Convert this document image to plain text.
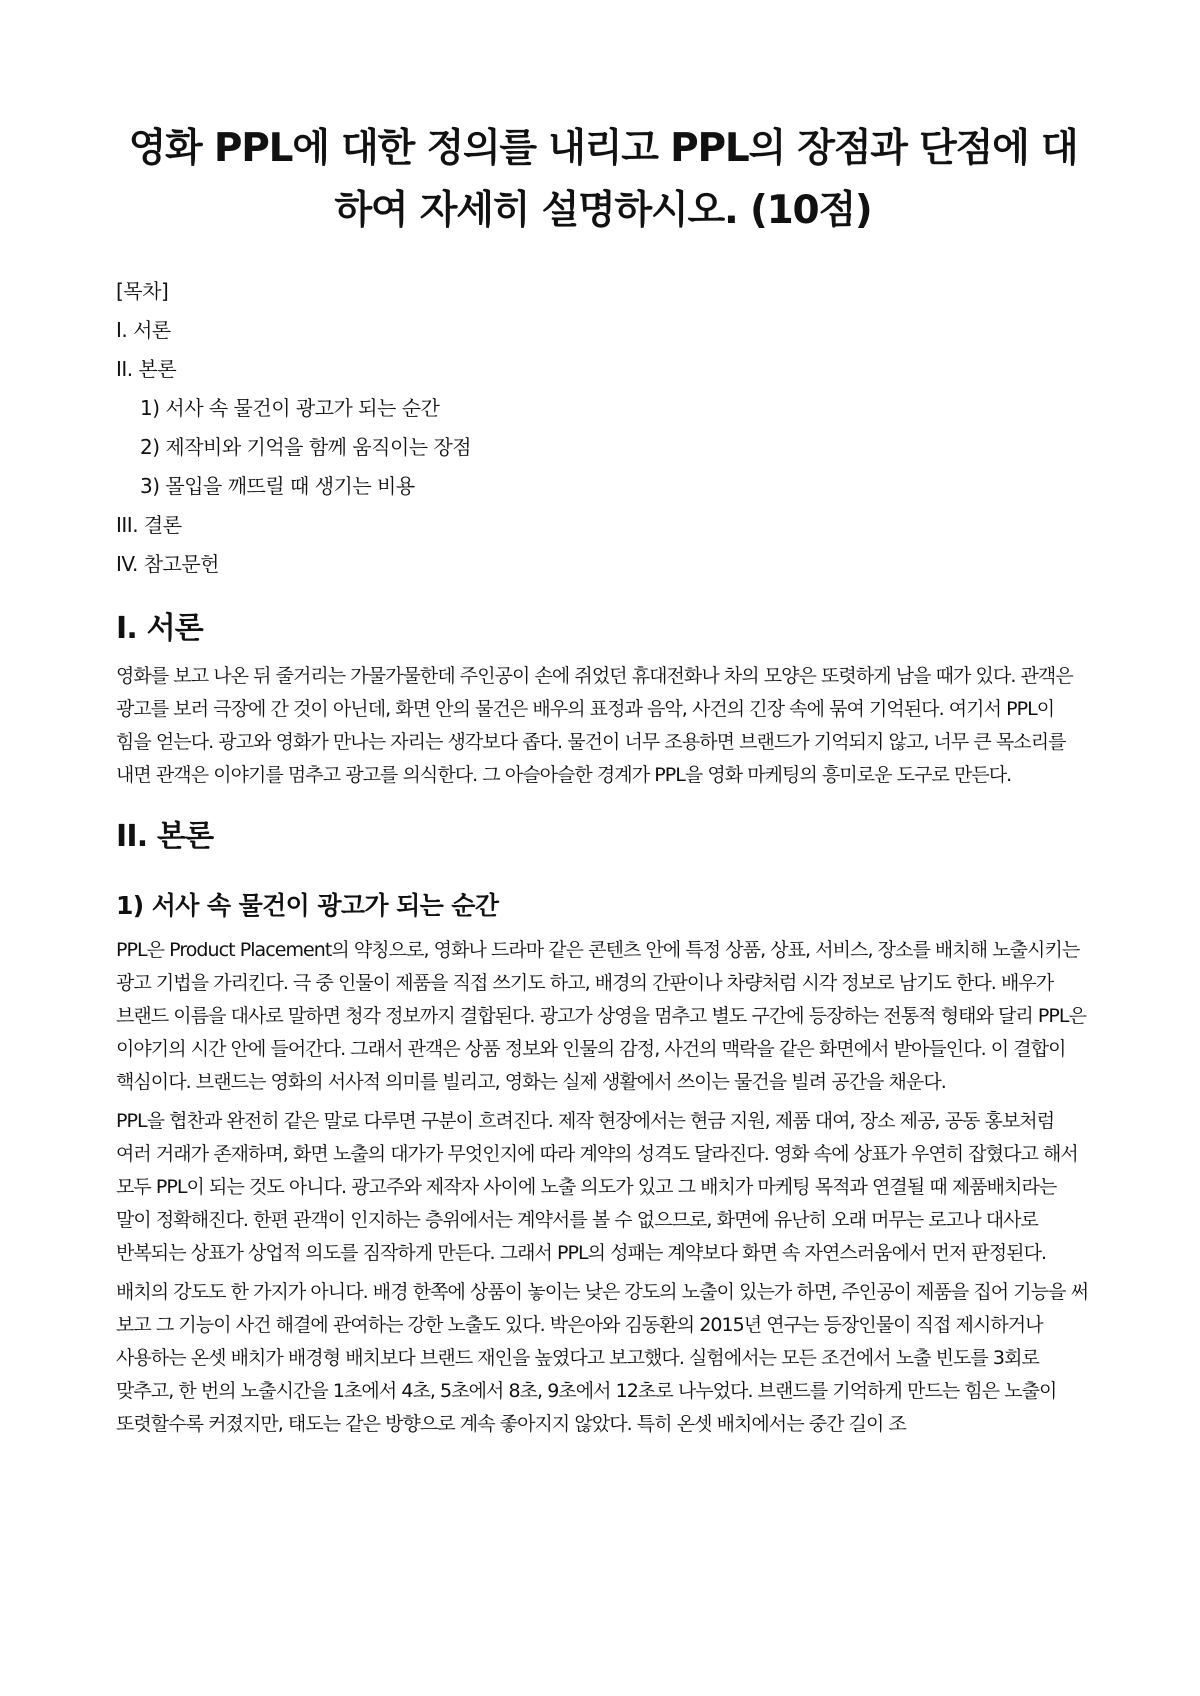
영화 PPL에 대한 정의를 내리고 PPL의 장점과 단점에 대하여 자세히 설명하시오. (10점)

[목차]

I. 서론
II. 본론
1) 서사 속 물건이 광고가 되는 순간
2) 제작비와 기억을 함께 움직이는 장점
3) 몰입을 깨뜨릴 때 생기는 비용
III. 결론
IV. 참고문헌
I. 서론

영화를 보고 나온 뒤 줄거리는 가물가물한데 주인공이 손에 쥐었던 휴대전화나 차의 모양은 또렷하게 남을 때가 있다. 관객은 광고를 보러 극장에 간 것이 아닌데, 화면 안의 물건은 배우의 표정과 음악, 사건의 긴장 속에 묶여 기억된다. 여기서 PPL이 힘을 얻는다. 광고와 영화가 만나는 자리는 생각보다 좁다. 물건이 너무 조용하면 브랜드가 기억되지 않고, 너무 큰 목소리를 내면 관객은 이야기를 멈추고 광고를 의식한다. 그 아슬아슬한 경계가 PPL을 영화 마케팅의 흥미로운 도구로 만든다.

II. 본론
1) 서사 속 물건이 광고가 되는 순간

PPL은 Product Placement의 약칭으로, 영화나 드라마 같은 콘텐츠 안에 특정 상품, 상표, 서비스, 장소를 배치해 노출시키는 광고 기법을 가리킨다. 극 중 인물이 제품을 직접 쓰기도 하고, 배경의 간판이나 차량처럼 시각 정보로 남기도 한다. 배우가 브랜드 이름을 대사로 말하면 청각 정보까지 결합된다. 광고가 상영을 멈추고 별도 구간에 등장하는 전통적 형태와 달리 PPL은 이야기의 시간 안에 들어간다. 그래서 관객은 상품 정보와 인물의 감정, 사건의 맥락을 같은 화면에서 받아들인다. 이 결합이 핵심이다. 브랜드는 영화의 서사적 의미를 빌리고, 영화는 실제 생활에서 쓰이는 물건을 빌려 공간을 채운다.

PPL을 협찬과 완전히 같은 말로 다루면 구분이 흐려진다. 제작 현장에서는 현금 지원, 제품 대여, 장소 제공, 공동 홍보처럼 여러 거래가 존재하며, 화면 노출의 대가가 무엇인지에 따라 계약의 성격도 달라진다. 영화 속에 상표가 우연히 잡혔다고 해서 모두 PPL이 되는 것도 아니다. 광고주와 제작자 사이에 노출 의도가 있고 그 배치가 마케팅 목적과 연결될 때 제품배치라는 말이 정확해진다. 한편 관객이 인지하는 층위에서는 계약서를 볼 수 없으므로, 화면에 유난히 오래 머무는 로고나 대사로 반복되는 상표가 상업적 의도를 짐작하게 만든다. 그래서 PPL의 성패는 계약보다 화면 속 자연스러움에서 먼저 판정된다.

배치의 강도도 한 가지가 아니다. 배경 한쪽에 상품이 놓이는 낮은 강도의 노출이 있는가 하면, 주인공이 제품을 집어 기능을 써 보고 그 기능이 사건 해결에 관여하는 강한 노출도 있다. 박은아와 김동환의 2015년 연구는 등장인물이 직접 제시하거나 사용하는 온셋 배치가 배경형 배치보다 브랜드 재인을 높였다고 보고했다. 실험에서는 모든 조건에서 노출 빈도를 3회로 맞추고, 한 번의 노출시간을 1초에서 4초, 5초에서 8초, 9초에서 12초로 나누었다. 브랜드를 기억하게 만드는 힘은 노출이 또렷할수록 커졌지만, 태도는 같은 방향으로 계속 좋아지지 않았다. 특히 온셋 배치에서는 중간 길이 조
